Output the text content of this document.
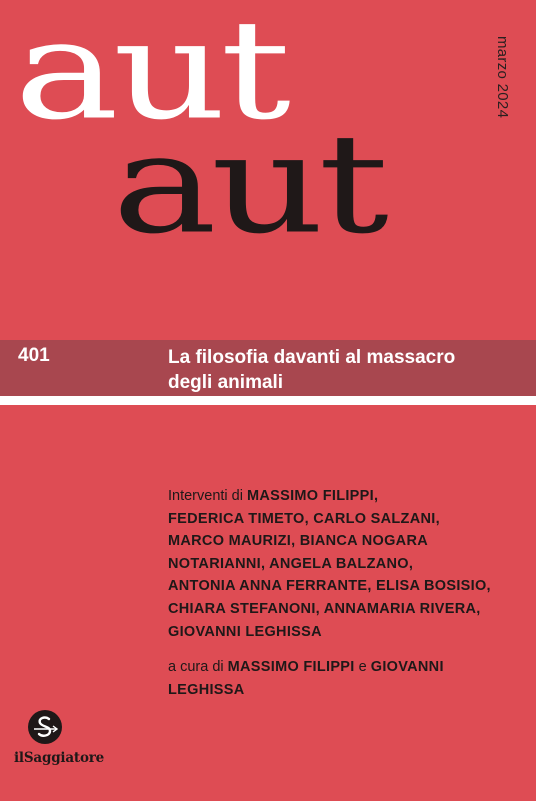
aut
aut
marzo 2024
401	La filosofia davanti al massacro
degli animali
Interventi di MASSIMO FILIPPI,
FEDERICA TIMETO, CARLO SALZANI,
MARCO MAURIZI, BIANCA NOGARA
NOTARIANNI, ANGELA BALZANO,
ANTONIA ANNA FERRANTE, ELISA BOSISIO,
CHIARA STEFANONI, ANNAMARIA RIVERA,
GIOVANNI LEGHISSA
a cura di MASSIMO FILIPPI e GIOVANNI
LEGHISSA
ilSaggiatore
